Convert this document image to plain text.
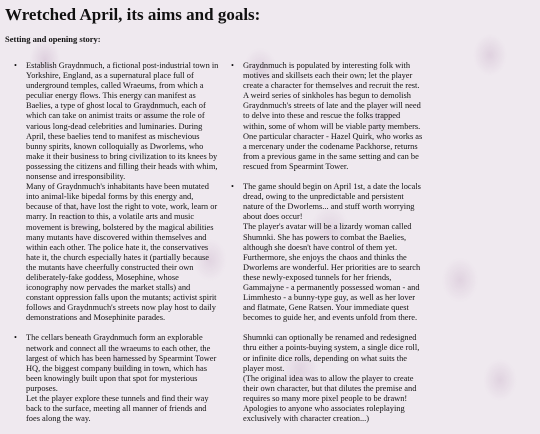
Wretched April, its aims and goals:
Setting and opening story:
• Establish Graydnmuch, a fictional post-industrial town in Yorkshire, England, as a supernatural place full of underground temples, called Wraeums, from which a peculiar energy flows. This energy can manifest as Baelies, a type of ghost local to Graydnmuch, each of which can take on animist traits or assume the role of various long-dead celebrities and luminaries. During April, these baelies tend to manifest as mischevious bunny spirits, known colloquially as Dworlems, who make it their business to bring civilization to its knees by possessing the citizens and filling their heads with whim, nonsense and irresponsibility.

Many of Graydnmuch's inhabitants have been mutated into animal-like bipedal forms by this energy and, because of that, have lost the right to vote, work, learn or marry. In reaction to this, a volatile arts and music movement is brewing, bolstered by the magical abilities many mutants have discovered within themselves and within each other. The police hate it, the conservatives hate it, the church especially hates it (partially because the mutants have cheerfully constructed their own deliberately-fake goddess, Mosephine, whose iconography now pervades the market stalls) and constant oppression falls upon the mutants; activist spirit follows and Graydnmuch's streets now play host to daily demonstrations and Mosephinite parades.

• The cellars beneath Graydnmuch form an explorable network and connect all the wraeums to each other, the largest of which has been harnessed by Spearmint Tower HQ, the biggest company building in town, which has been knowingly built upon that spot for mysterious purposes.

Let the player explore these tunnels and find their way back to the surface, meeting all manner of friends and foes along the way.

• Graydnmuch is populated by interesting folk with motives and skillsets each their own; let the player create a character for themselves and recruit the rest. A weird series of sinkholes has begun to demolish Graydnmuch's streets of late and the player will need to delve into these and rescue the folks trapped within, some of whom will be viable party members. One particular character - Hazel Quirk, who works as a mercenary under the codename Packhorse, returns from a previous game in the same setting and can be rescued from Spearmint Tower.

• The game should begin on April 1st, a date the locals dread, owing to the unpredictable and persistent nature of the Dworlems... and stuff worth worrying about does occur!

The player's avatar will be a lizardy woman called Shumnki. She has powers to combat the Baelies, although she doesn't have control of them yet. Furthermore, she enjoys the chaos and thinks the Dworlems are wonderful. Her priorities are to search these newly-exposed tunnels for her friends, Gammajyne - a permanently possessed woman - and Limmhesto - a bunny-type guy, as well as her lover and flatmate, Gene Ratsen. Your immediate quest becomes to guide her, and events unfold from there.

Shumnki can optionally be renamed and redesigned thru either a points-buying system, a single dice roll, or infinite dice rolls, depending on what suits the player most.

(The original idea was to allow the player to create their own character, but that dilutes the premise and requires so many more pixel people to be drawn! Apologies to anyone who associates roleplaying exclusively with character creation...)
